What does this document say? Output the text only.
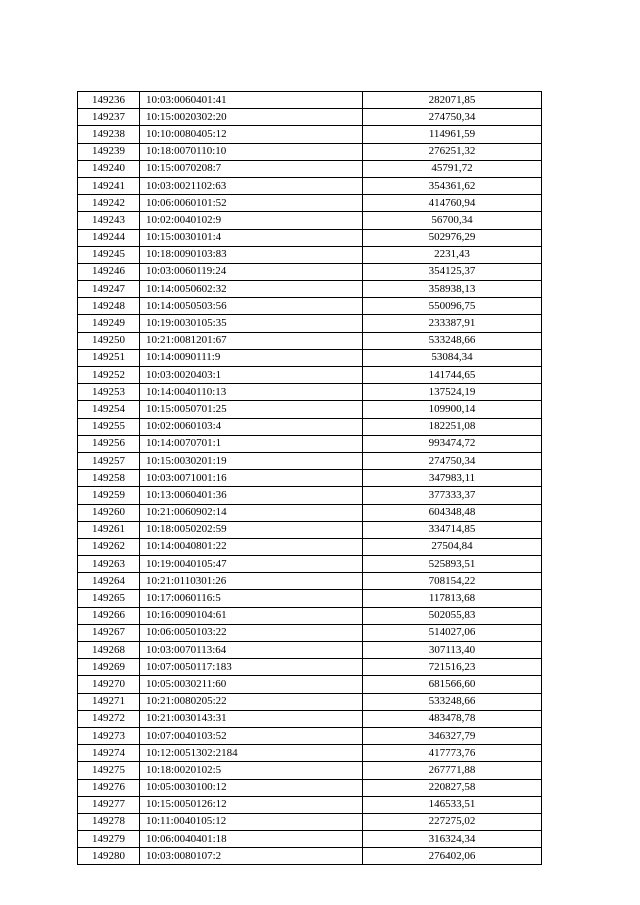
149236	10:03:0060401:41	282071,85
149237	10:15:0020302:20	274750,34
149238	10:10:0080405:12	114961,59
149239	10:18:0070110:10	276251,32
149240	10:15:0070208:7	45791,72
149241	10:03:0021102:63	354361,62
149242	10:06:0060101:52	414760,94
149243	10:02:0040102:9	56700,34
149244	10:15:0030101:4	502976,29
149245	10:18:0090103:83	2231,43
149246	10:03:0060119:24	354125,37
149247	10:14:0050602:32	358938,13
149248	10:14:0050503:56	550096,75
149249	10:19:0030105:35	233387,91
149250	10:21:0081201:67	533248,66
149251	10:14:0090111:9	53084,34
149252	10:03:0020403:1	141744,65
149253	10:14:0040110:13	137524,19
149254	10:15:0050701:25	109900,14
149255	10:02:0060103:4	182251,08
149256	10:14:0070701:1	993474,72
149257	10:15:0030201:19	274750,34
149258	10:03:0071001:16	347983,11
149259	10:13:0060401:36	377333,37
149260	10:21:0060902:14	604348,48
149261	10:18:0050202:59	334714,85
149262	10:14:0040801:22	27504,84
149263	10:19:0040105:47	525893,51
149264	10:21:0110301:26	708154,22
149265	10:17:0060116:5	117813,68
149266	10:16:0090104:61	502055,83
149267	10:06:0050103:22	514027,06
149268	10:03:0070113:64	307113,40
149269	10:07:0050117:183	721516,23
149270	10:05:0030211:60	681566,60
149271	10:21:0080205:22	533248,66
149272	10:21:0030143:31	483478,78
149273	10:07:0040103:52	346327,79
149274	10:12:0051302:2184	417773,76
149275	10:18:0020102:5	267771,88
149276	10:05:0030100:12	220827,58
149277	10:15:0050126:12	146533,51
149278	10:11:0040105:12	227275,02
149279	10:06:0040401:18	316324,34
149280	10:03:0080107:2	276402,06
